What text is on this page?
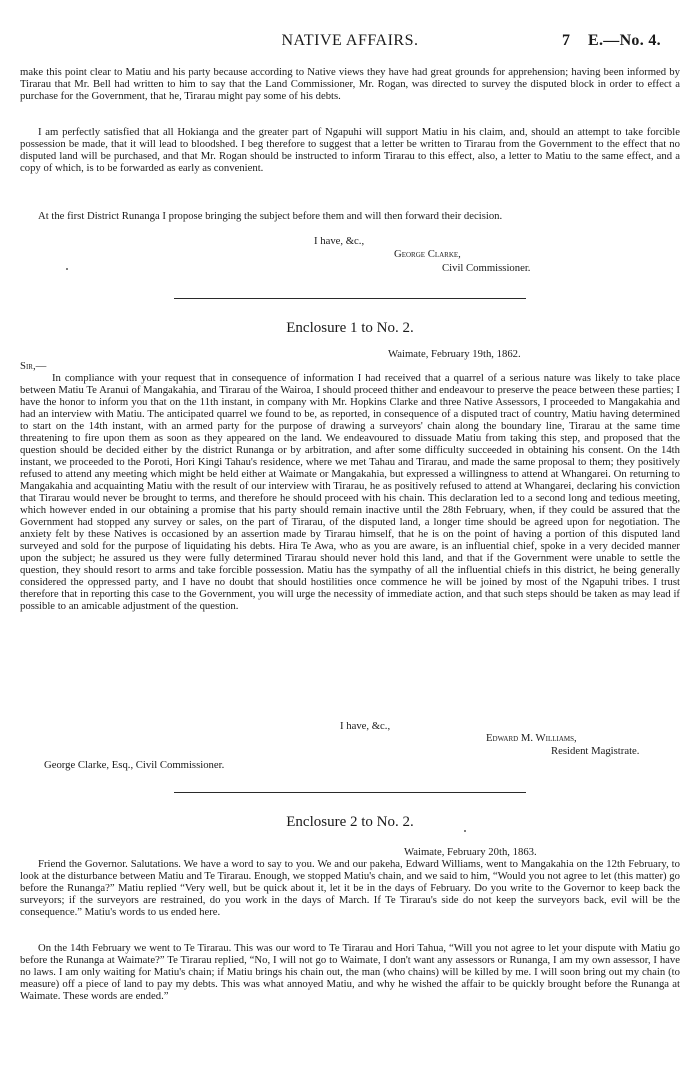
NATIVE AFFAIRS.	7 E.—No. 4.
make this point clear to Matiu and his party because according to Native views they have had great grounds for apprehension; having been informed by Tirarau that Mr. Bell had written to him to say that the Land Commissioner, Mr. Rogan, was directed to survey the disputed block in order to effect a purchase for the Government, that he, Tirarau might pay some of his debts.
I am perfectly satisfied that all Hokianga and the greater part of Ngapuhi will support Matiu in his claim, and, should an attempt to take forcible possession be made, that it will lead to bloodshed. I beg therefore to suggest that a letter be written to Tirarau from the Government to the effect that no disputed land will be purchased, and that Mr. Rogan should be instructed to inform Tirarau to this effect, also, a letter to Matiu to the same effect, and a copy of which, is to be forwarded as early as convenient.
At the first District Runanga I propose bringing the subject before them and will then forward their decision.
I have, &c.,
George Clarke,
Civil Commissioner.
Enclosure 1 to No. 2.
Waimate, February 19th, 1862.
Sir,—
In compliance with your request that in consequence of information I had received that a quarrel of a serious nature was likely to take place between Matiu Te Aranui of Mangakahia, and Tirarau of the Wairoa, I should proceed thither and endeavour to preserve the peace between these parties; I have the honor to inform you that on the 11th instant, in company with Mr. Hopkins Clarke and three Native Assessors, I proceeded to Mangakahia and had an interview with Matiu. The anticipated quarrel we found to be, as reported, in consequence of a disputed tract of country, Matiu having determined to start on the 14th instant, with an armed party for the purpose of drawing a surveyors' chain along the boundary line, Tirarau at the same time threatening to fire upon them as soon as they appeared on the land. We endeavoured to dissuade Matiu from taking this step, and proposed that the question should be decided either by the district Runanga or by arbitration, and after some difficulty succeeded in obtaining his consent. On the 14th instant, we proceeded to the Poroti, Hori Kingi Tahau's residence, where we met Tahau and Tirarau, and made the same proposal to them; they positively refused to attend any meeting which might be held either at Waimate or Mangakahia, but expressed a willingness to attend at Whangarei. On returning to Mangakahia and acquainting Matiu with the result of our interview with Tirarau, he as positively refused to attend at Whangarei, declaring his conviction that Tirarau would never be brought to terms, and therefore he should proceed with his chain. This declaration led to a second long and tedious meeting, which however ended in our obtaining a promise that his party should remain inactive until the 28th February, when, if they could be assured that the Government had stopped any survey or sales, on the part of Tirarau, of the disputed land, a longer time should be agreed upon for negotiation. The anxiety felt by these Natives is occasioned by an assertion made by Tirarau himself, that he is on the point of having a portion of this disputed land surveyed and sold for the purpose of liquidating his debts. Hira Te Awa, who as you are aware, is an influential chief, spoke in a very decided manner upon the subject; he assured us they were fully determined Tirarau should never hold this land, and that if the Government were unable to settle the question, they should resort to arms and take forcible possession. Matiu has the sympathy of all the influential chiefs in this district, he being generally considered the oppressed party, and I have no doubt that should hostilities once commence he will be joined by most of the Ngapuhi tribes. I trust therefore that in reporting this case to the Government, you will urge the necessity of immediate action, and that such steps should be taken as may lead if possible to an amicable adjustment of the question.
I have, &c.,
Edward M. Williams,
Resident Magistrate.
George Clarke, Esq., Civil Commissioner.
Enclosure 2 to No. 2.
Waimate, February 20th, 1863.
Friend the Governor. Salutations. We have a word to say to you. We and our pakeha, Edward Williams, went to Mangakahia on the 12th February, to look at the disturbance between Matiu and Te Tirarau. Enough, we stopped Matiu's chain, and we said to him, “Would you not agree to let (this matter) go before the Runanga?” Matiu replied “Very well, but be quick about it, let it be in the days of February. Do you write to the Governor to keep back the surveyors; if the surveyors are restrained, do you work in the days of March. If Te Tirarau's side do not keep the surveyors back, evil will be the consequence.” Matiu's words to us ended here.
On the 14th February we went to Te Tirarau. This was our word to Te Tirarau and Hori Tahua, “Will you not agree to let your dispute with Matiu go before the Runanga at Waimate?” Te Tirarau replied, “No, I will not go to Waimate, I don't want any assessors or Runanga, I am my own assessor, I have no laws. I am only waiting for Matiu's chain; if Matiu brings his chain out, the man (who chains) will be killed by me. I will soon bring out my chain (to measure) off a piece of land to pay my debts. This was what annoyed Matiu, and why he wished the affair to be quickly brought before the Runanga at Waimate. These words are ended.”
